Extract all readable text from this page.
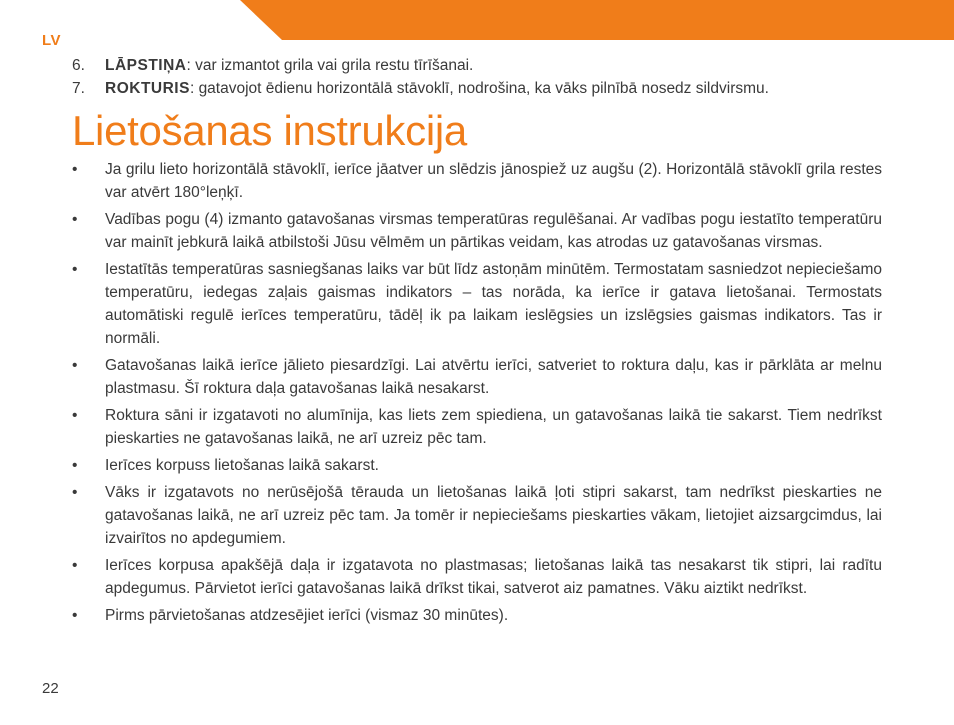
LV
6. LĀPSTIŅA: var izmantot grila vai grila restu tīrīšanai.
7. ROKTURIS: gatavojot ēdienu horizontālā stāvoklī, nodrošina, ka vāks pilnībā nosedz sildvirsmu.
Lietošanas instrukcija
• Ja grilu lieto horizontālā stāvoklī, ierīce jāatver un slēdzis jānospiež uz augšu (2). Horizontālā stāvoklī grila restes var atvērt 180°leņķī.
• Vadības pogu (4) izmanto gatavošanas virsmas temperatūras regulēšanai. Ar vadības pogu iestatīto temperatūru var mainīt jebkurā laikā atbilstoši Jūsu vēlmēm un pārtikas veidam, kas atrodas uz gatavošanas virsmas.
• Iestatītās temperatūras sasniegšanas laiks var būt līdz astoņām minūtēm. Termostatam sasniedzot nepieciešamo temperatūru, iedegas zaļais gaismas indikators – tas norāda, ka ierīce ir gatava lietošanai. Termostats automātiski regulē ierīces temperatūru, tādēļ ik pa laikam ieslēgsies un izslēgsies gaismas indikators. Tas ir normāli.
• Gatavošanas laikā ierīce jālieto piesardzīgi. Lai atvērtu ierīci, satveriet to roktura daļu, kas ir pārklāta ar melnu plastmasu. Šī roktura daļa gatavošanas laikā nesakarst.
• Roktura sāni ir izgatavoti no alumīnija, kas liets zem spiediena, un gatavošanas laikā tie sakarst. Tiem nedrīkst pieskarties ne gatavošanas laikā, ne arī uzreiz pēc tam.
• Ierīces korpuss lietošanas laikā sakarst.
• Vāks ir izgatavots no nerūsējošā tērauda un lietošanas laikā ļoti stipri sakarst, tam nedrīkst pieskarties ne gatavošanas laikā, ne arī uzreiz pēc tam. Ja tomēr ir nepieciešams pieskarties vākam, lietojiet aizsargcimdus, lai izvairītos no apdegumiem.
• Ierīces korpusa apakšējā daļa ir izgatavota no plastmasas; lietošanas laikā tas nesakarst tik stipri, lai radītu apdegumus. Pārvietot ierīci gatavošanas laikā drīkst tikai, satverot aiz pamatnes. Vāku aiztikt nedrīkst.
• Pirms pārvietošanas atdzesējiet ierīci (vismaz 30 minūtes).
22
